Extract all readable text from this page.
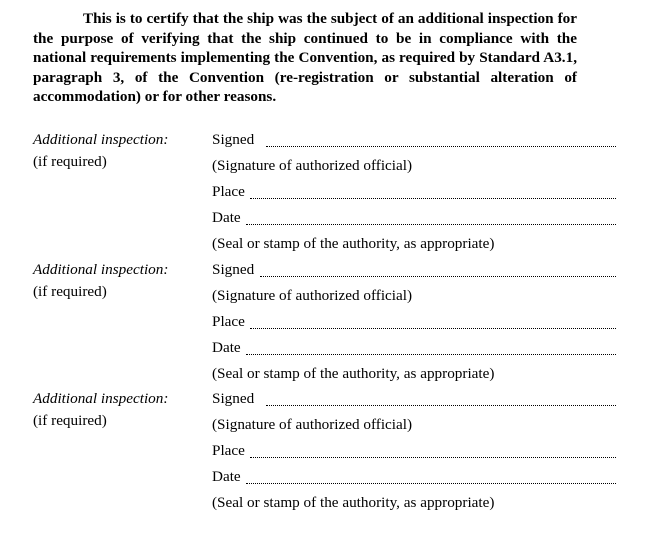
This is to certify that the ship was the subject of an additional inspection for the purpose of verifying that the ship continued to be in compliance with the national requirements implementing the Convention, as required by Standard A3.1, paragraph 3, of the Convention (re-registration or substantial alteration of accommodation) or for other reasons.

Additional inspection:
(if required)
Signed
(Signature of authorized official)
Place
Date
(Seal or stamp of the authority, as appropriate)
Additional inspection:
(if required)
Signed
(Signature of authorized official)
Place
Date
(Seal or stamp of the authority, as appropriate)
Additional inspection:
(if required)
Signed
(Signature of authorized official)
Place
Date
(Seal or stamp of the authority, as appropriate)
